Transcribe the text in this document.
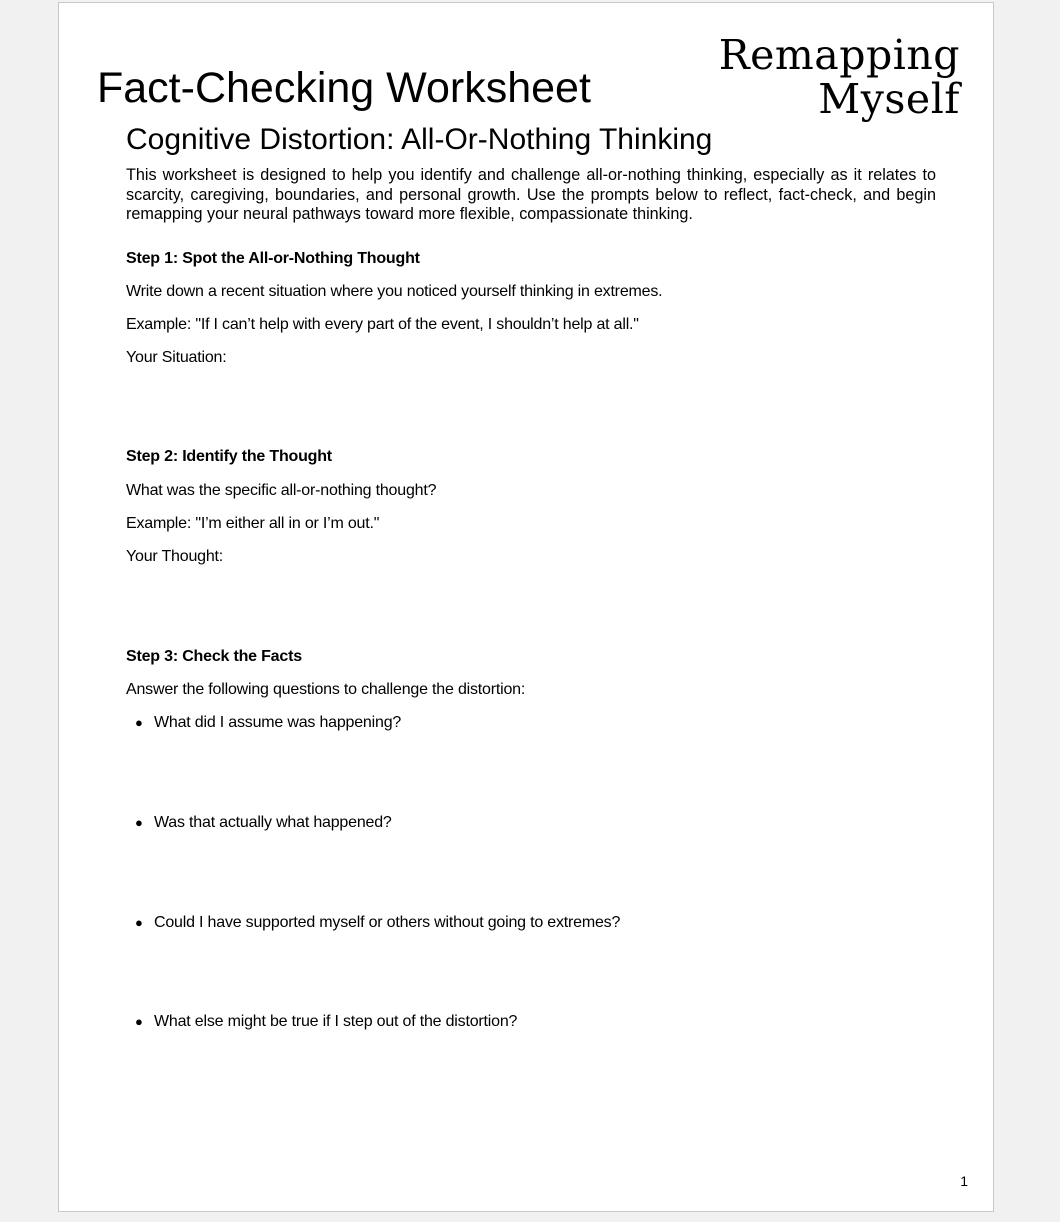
Remapping
Myself
Fact-Checking Worksheet
Cognitive Distortion: All-Or-Nothing Thinking
This worksheet is designed to help you identify and challenge all-or-nothing thinking, especially as it relates to scarcity, caregiving, boundaries, and personal growth. Use the prompts below to reflect, fact-check, and begin remapping your neural pathways toward more flexible, compassionate thinking.
Step 1: Spot the All-or-Nothing Thought
Write down a recent situation where you noticed yourself thinking in extremes.
Example: "If I can’t help with every part of the event, I shouldn’t help at all."
Your Situation:
Step 2: Identify the Thought
What was the specific all-or-nothing thought?
Example: "I’m either all in or I’m out."
Your Thought:
Step 3: Check the Facts
Answer the following questions to challenge the distortion:
● What did I assume was happening?
● Was that actually what happened?
● Could I have supported myself or others without going to extremes?
● What else might be true if I step out of the distortion?
1
